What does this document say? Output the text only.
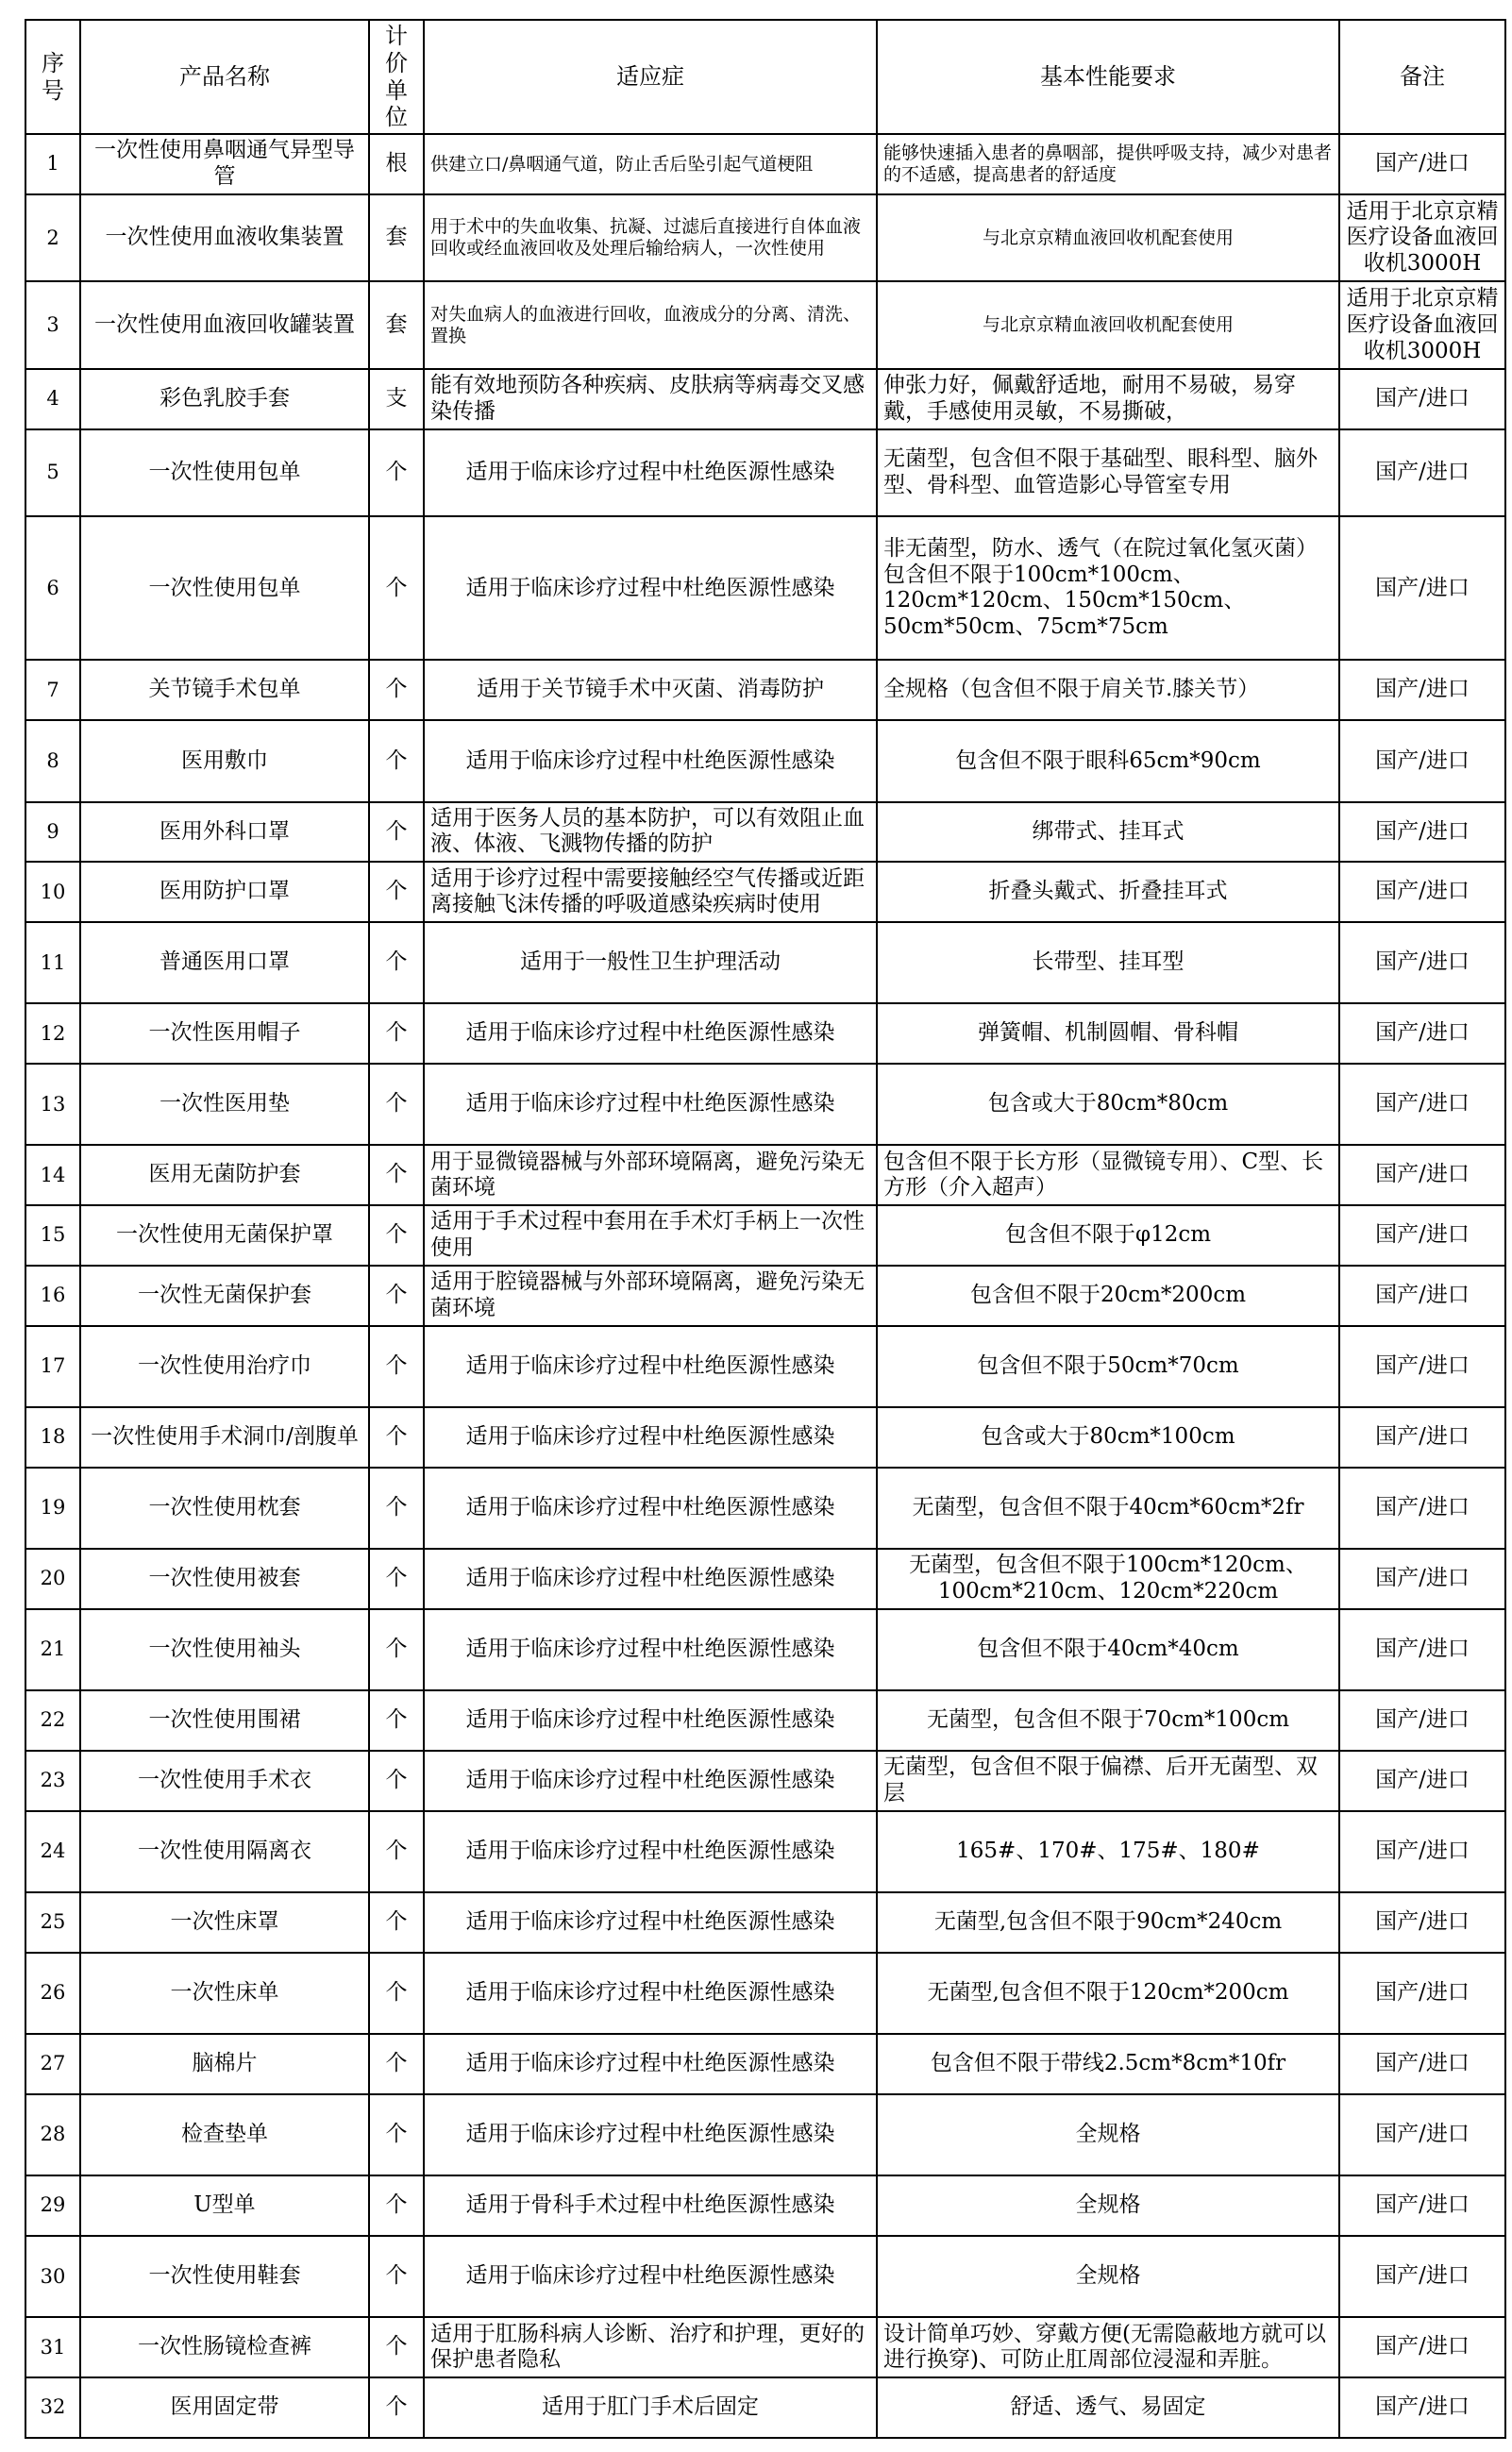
序号	产品名称	计价单位	适应症	基本性能要求	备注
1	一次性使用鼻咽通气异型导管	根	供建立口/鼻咽通气道，防止舌后坠引起气道梗阻	能够快速插入患者的鼻咽部，提供呼吸支持，减少对患者的不适感，提高患者的舒适度	国产/进口
2	一次性使用血液收集装置	套	用于术中的失血收集、抗凝、过滤后直接进行自体血液回收或经血液回收及处理后输给病人，一次性使用	与北京京精血液回收机配套使用	适用于北京京精医疗设备血液回收机3000H
3	一次性使用血液回收罐装置	套	对失血病人的血液进行回收，血液成分的分离、清洗、置换	与北京京精血液回收机配套使用	适用于北京京精医疗设备血液回收机3000H
4	彩色乳胶手套	支	能有效地预防各种疾病、皮肤病等病毒交叉感染传播	伸张力好，佩戴舒适地，耐用不易破，易穿戴，手感使用灵敏，不易撕破，	国产/进口
5	一次性使用包单	个	适用于临床诊疗过程中杜绝医源性感染	无菌型，包含但不限于基础型、眼科型、脑外型、骨科型、血管造影心导管室专用	国产/进口
6	一次性使用包单	个	适用于临床诊疗过程中杜绝医源性感染	非无菌型，防水、透气（在院过氧化氢灭菌）包含但不限于100cm*100cm、120cm*120cm、150cm*150cm、50cm*50cm、75cm*75cm	国产/进口
7	关节镜手术包单	个	适用于关节镜手术中灭菌、消毒防护	全规格（包含但不限于肩关节.膝关节）	国产/进口
8	医用敷巾	个	适用于临床诊疗过程中杜绝医源性感染	包含但不限于眼科65cm*90cm	国产/进口
9	医用外科口罩	个	适用于医务人员的基本防护，可以有效阻止血液、体液、飞溅物传播的防护	绑带式、挂耳式	国产/进口
10	医用防护口罩	个	适用于诊疗过程中需要接触经空气传播或近距离接触飞沫传播的呼吸道感染疾病时使用	折叠头戴式、折叠挂耳式	国产/进口
11	普通医用口罩	个	适用于一般性卫生护理活动	长带型、挂耳型	国产/进口
12	一次性医用帽子	个	适用于临床诊疗过程中杜绝医源性感染	弹簧帽、机制圆帽、骨科帽	国产/进口
13	一次性医用垫	个	适用于临床诊疗过程中杜绝医源性感染	包含或大于80cm*80cm	国产/进口
14	医用无菌防护套	个	用于显微镜器械与外部环境隔离，避免污染无菌环境	包含但不限于长方形（显微镜专用）、C型、长方形（介入超声）	国产/进口
15	一次性使用无菌保护罩	个	适用于手术过程中套用在手术灯手柄上一次性使用	包含但不限于φ12cm	国产/进口
16	一次性无菌保护套	个	适用于腔镜器械与外部环境隔离，避免污染无菌环境	包含但不限于20cm*200cm	国产/进口
17	一次性使用治疗巾	个	适用于临床诊疗过程中杜绝医源性感染	包含但不限于50cm*70cm	国产/进口
18	一次性使用手术洞巾/剖腹单	个	适用于临床诊疗过程中杜绝医源性感染	包含或大于80cm*100cm	国产/进口
19	一次性使用枕套	个	适用于临床诊疗过程中杜绝医源性感染	无菌型，包含但不限于40cm*60cm*2fr	国产/进口
20	一次性使用被套	个	适用于临床诊疗过程中杜绝医源性感染	无菌型，包含但不限于100cm*120cm、100cm*210cm、120cm*220cm	国产/进口
21	一次性使用袖头	个	适用于临床诊疗过程中杜绝医源性感染	包含但不限于40cm*40cm	国产/进口
22	一次性使用围裙	个	适用于临床诊疗过程中杜绝医源性感染	无菌型，包含但不限于70cm*100cm	国产/进口
23	一次性使用手术衣	个	适用于临床诊疗过程中杜绝医源性感染	无菌型，包含但不限于偏襟、后开无菌型、双层	国产/进口
24	一次性使用隔离衣	个	适用于临床诊疗过程中杜绝医源性感染	165#、170#、175#、180#	国产/进口
25	一次性床罩	个	适用于临床诊疗过程中杜绝医源性感染	无菌型,包含但不限于90cm*240cm	国产/进口
26	一次性床单	个	适用于临床诊疗过程中杜绝医源性感染	无菌型,包含但不限于120cm*200cm	国产/进口
27	脑棉片	个	适用于临床诊疗过程中杜绝医源性感染	包含但不限于带线2.5cm*8cm*10fr	国产/进口
28	检查垫单	个	适用于临床诊疗过程中杜绝医源性感染	全规格	国产/进口
29	U型单	个	适用于骨科手术过程中杜绝医源性感染	全规格	国产/进口
30	一次性使用鞋套	个	适用于临床诊疗过程中杜绝医源性感染	全规格	国产/进口
31	一次性肠镜检查裤	个	适用于肛肠科病人诊断、治疗和护理，更好的保护患者隐私	设计简单巧妙、穿戴方便(无需隐蔽地方就可以进行换穿)、可防止肛周部位浸湿和弄脏。	国产/进口
32	医用固定带	个	适用于肛门手术后固定	舒适、透气、易固定	国产/进口
